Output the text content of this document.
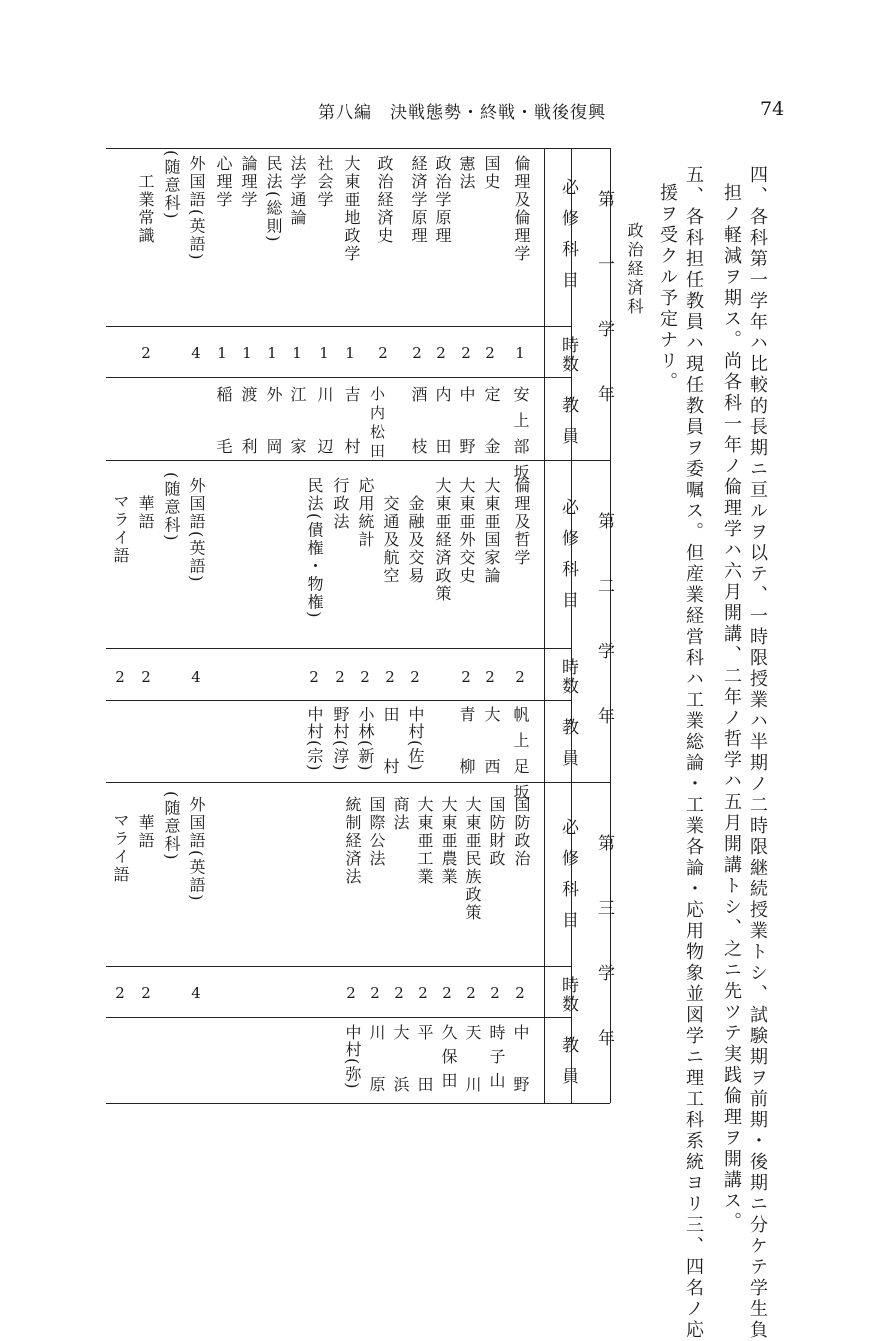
第八編　決戦態勢・終戦・戦後復興	74
四、各科第一学年ハ比較的長期ニ亘ルヲ以テ、一時限授業ハ半期ノ二時限継続授業トシ、試験期ヲ前期・後期ニ分ケテ学生負
担ノ軽減ヲ期ス。尚各科一年ノ倫理学ハ六月開講、二年ノ哲学ハ五月開講トシ、之ニ先ツテ実践倫理ヲ開講ス。
五、各科担任教員ハ現任教員ヲ委嘱ス。但産業経営科ハ工業総論・工業各論・応用物象並図学ニ理工科系統ヨリ三、四名ノ応
援ヲ受クル予定ナリ。
政治経済科
第一学年
第二学年
第三学年
必修科目
時数
教員
必修科目
時数
教員
必修科目
時数
教員
倫理及倫理学
1
安上部坂
国史
2
定　金
憲法
2
中　野
政治学原理
2
内　田
経済学原理
2
酒　枝
政治経済史
2
小内松田
大東亜地政学
1
吉　村
社会学
1
川　辺
法学通論
1
江　家
民法(総則)
1
外　岡
論理学
1
渡　利
心理学
1
稲　毛
外国語(英語)
4
(随意科)
　工業常識
2
倫理及哲学
2
帆上足坂
大東亜国家論
2
大　西
大東亜外交史
2
青　柳
大東亜経済政策
　金融及交易
2
中村(佐)
　交通及航空
2
田　村
応用統計
2
小林(新)
行政法
2
野村(淳)
民法(債権・物権)
2
中村(宗)
外国語(英語)
4
(随意科)
　華語
2
マライ語
2
国防政治
2
中　野
国防財政
2
時子山
大東亜民族政策
2
天　川
大東亜農業
2
久保田
大東亜工業
2
平　田
商法
2
大　浜
国際公法
2
川　原
統制経済法
2
中村(弥)
外国語(英語)
4
(随意科)
　華語
2
マライ語
2
